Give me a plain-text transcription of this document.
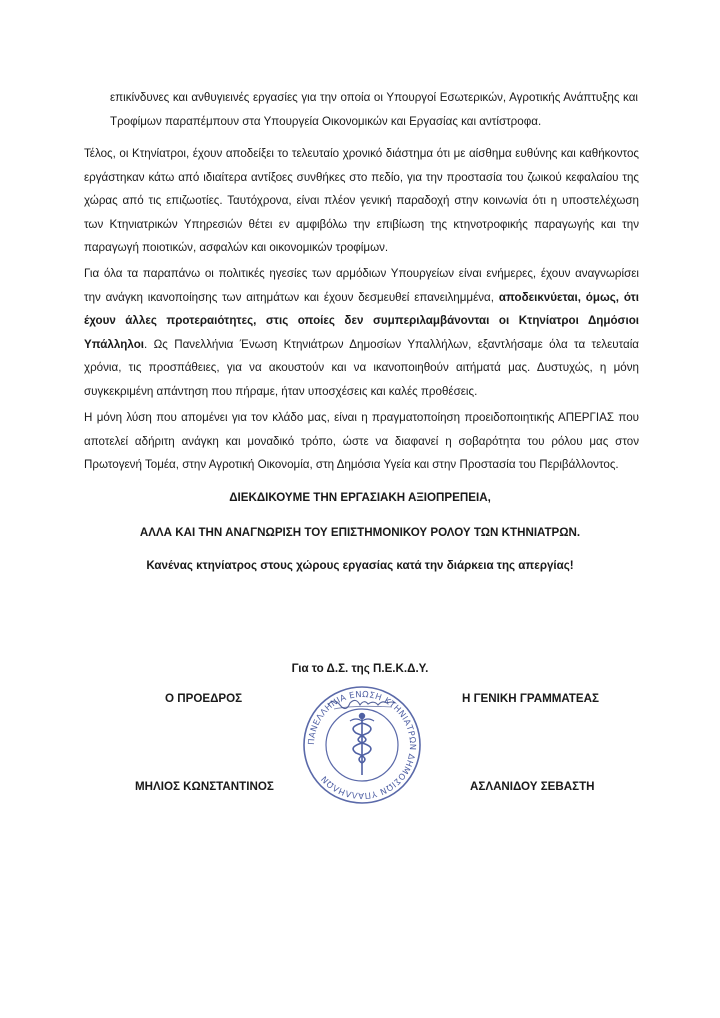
επικίνδυνες και ανθυγιεινές εργασίες για την οποία οι Υπουργοί Εσωτερικών, Αγροτικής Ανάπτυξης και Τροφίμων παραπέμπουν στα Υπουργεία Οικονομικών και Εργασίας και αντίστροφα.

Τέλος, οι Κτηνίατροι, έχουν αποδείξει το τελευταίο χρονικό διάστημα ότι με αίσθημα ευθύνης και καθήκοντος εργάστηκαν κάτω από ιδιαίτερα αντίξοες συνθήκες στο πεδίο, για την προστασία του ζωικού κεφαλαίου της χώρας από τις επιζωοτίες. Ταυτόχρονα, είναι πλέον γενική παραδοχή στην κοινωνία ότι η υποστελέχωση των Κτηνιατρικών Υπηρεσιών θέτει εν αμφιβόλω την επιβίωση της κτηνοτροφικής παραγωγής και την παραγωγή ποιοτικών, ασφαλών και οικονομικών τροφίμων.

Για όλα τα παραπάνω οι πολιτικές ηγεσίες των αρμόδιων Υπουργείων είναι ενήμερες, έχουν αναγνωρίσει την ανάγκη ικανοποίησης των αιτημάτων και έχουν δεσμευθεί επανειλημμένα, αποδεικνύεται, όμως, ότι έχουν άλλες προτεραιότητες, στις οποίες δεν συμπεριλαμβάνονται οι Κτηνίατροι Δημόσιοι Υπάλληλοι. Ως Πανελλήνια Ένωση Κτηνιάτρων Δημοσίων Υπαλλήλων, εξαντλήσαμε όλα τα τελευταία χρόνια, τις προσπάθειες, για να ακουστούν και να ικανοποιηθούν αιτήματά μας. Δυστυχώς, η μόνη συγκεκριμένη απάντηση που πήραμε, ήταν υποσχέσεις και καλές προθέσεις.

Η μόνη λύση που απομένει για τον κλάδο μας, είναι η πραγματοποίηση προειδοποιητικής ΑΠΕΡΓΙΑΣ που αποτελεί αδήριτη ανάγκη και μοναδικό τρόπο, ώστε να διαφανεί η σοβαρότητα του ρόλου μας στον Πρωτογενή Τομέα, στην Αγροτική Οικονομία, στη Δημόσια Υγεία και στην Προστασία του Περιβάλλοντος.

ΔΙΕΚΔΙΚΟΥΜΕ ΤΗΝ ΕΡΓΑΣΙΑΚΗ ΑΞΙΟΠΡΕΠΕΙΑ,

ΑΛΛΑ ΚΑΙ ΤΗΝ ΑΝΑΓΝΩΡΙΣΗ ΤΟΥ ΕΠΙΣΤΗΜΟΝΙΚΟΥ ΡΟΛΟΥ ΤΩΝ ΚΤΗΝΙΑΤΡΩΝ.

Κανένας κτηνίατρος στους χώρους εργασίας κατά την διάρκεια της απεργίας!

Για το Δ.Σ. της Π.Ε.Κ.Δ.Υ.

Ο ΠΡΟΕΔΡΟΣ	Η ΓΕΝΙΚΗ ΓΡΑΜΜΑΤΕΑΣ

ΜΗΛΙΟΣ ΚΩΝΣΤΑΝΤΙΝΟΣ	ΑΣΛΑΝΙΔΟΥ ΣΕΒΑΣΤΗ

ΠΑΝΕΛΛΗΝΙΑ ΕΝΩΣΗ ΚΤΗΝΙΑΤΡΩΝ ΔΗΜΟΣΙΩΝ ΥΠΑΛΛΗΛΩΝ
